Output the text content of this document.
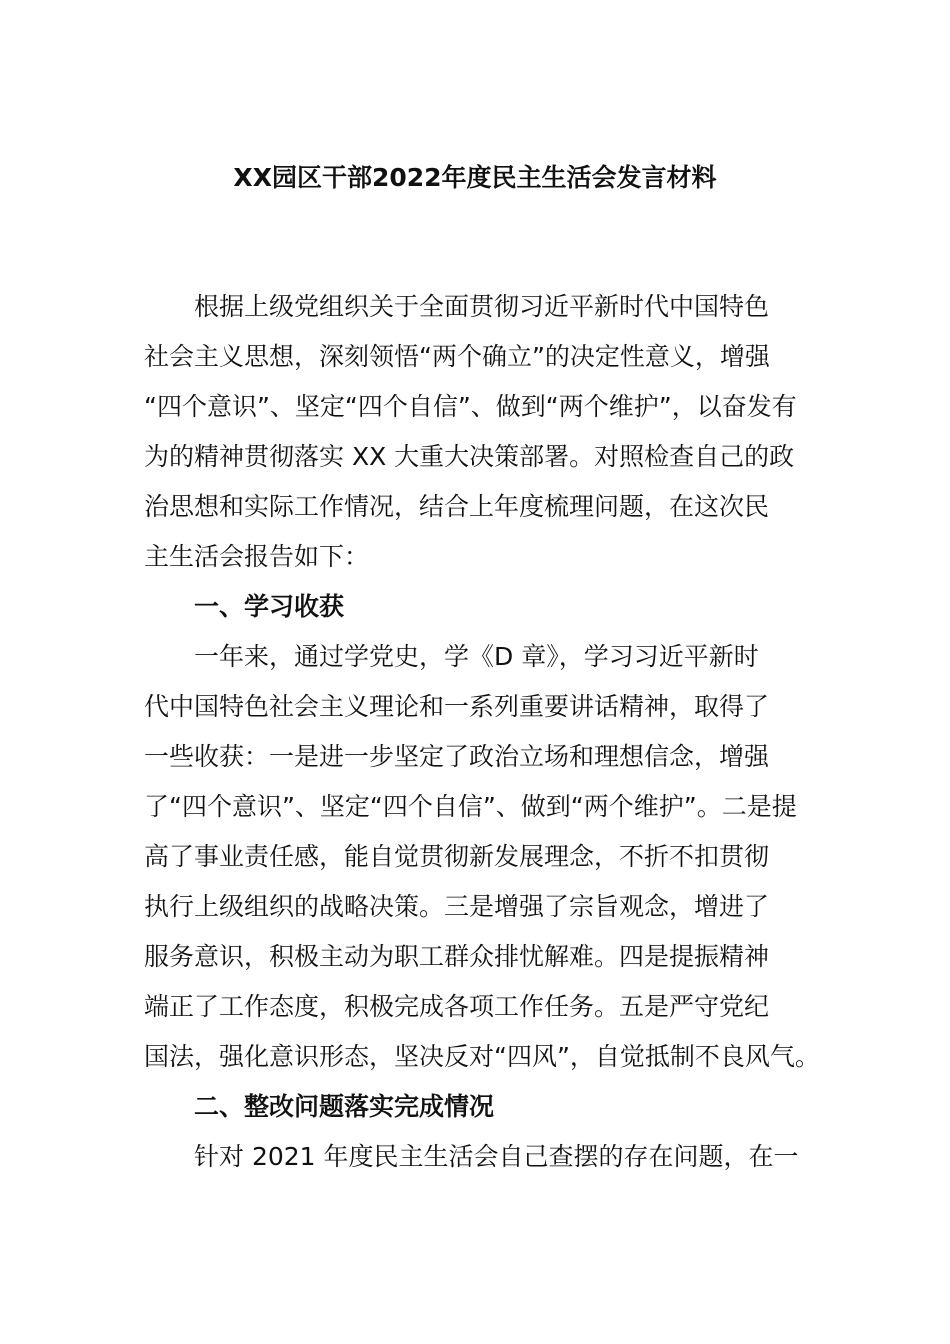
XX园区干部2022年度民主生活会发言材料

根据上级党组织关于全面贯彻习近平新时代中国特色

社会主义思想，深刻领悟“两个确立”的决定性意义，增强

“四个意识”、坚定“四个自信”、做到“两个维护”，以奋发有

为的精神贯彻落实 XX 大重大决策部署。对照检查自己的政

治思想和实际工作情况，结合上年度梳理问题，在这次民

主生活会报告如下：

一、学习收获

一年来，通过学党史，学《D 章》，学习习近平新时

代中国特色社会主义理论和一系列重要讲话精神，取得了

一些收获：一是进一步坚定了政治立场和理想信念，增强

了“四个意识”、坚定“四个自信”、做到“两个维护”。二是提

高了事业责任感，能自觉贯彻新发展理念，不折不扣贯彻

执行上级组织的战略决策。三是增强了宗旨观念，增进了

服务意识，积极主动为职工群众排忧解难。四是提振精神

端正了工作态度，积极完成各项工作任务。五是严守党纪

国法，强化意识形态，坚决反对“四风”，自觉抵制不良风气。

二、整改问题落实完成情况

针对 2021 年度民主生活会自己查摆的存在问题，在一
